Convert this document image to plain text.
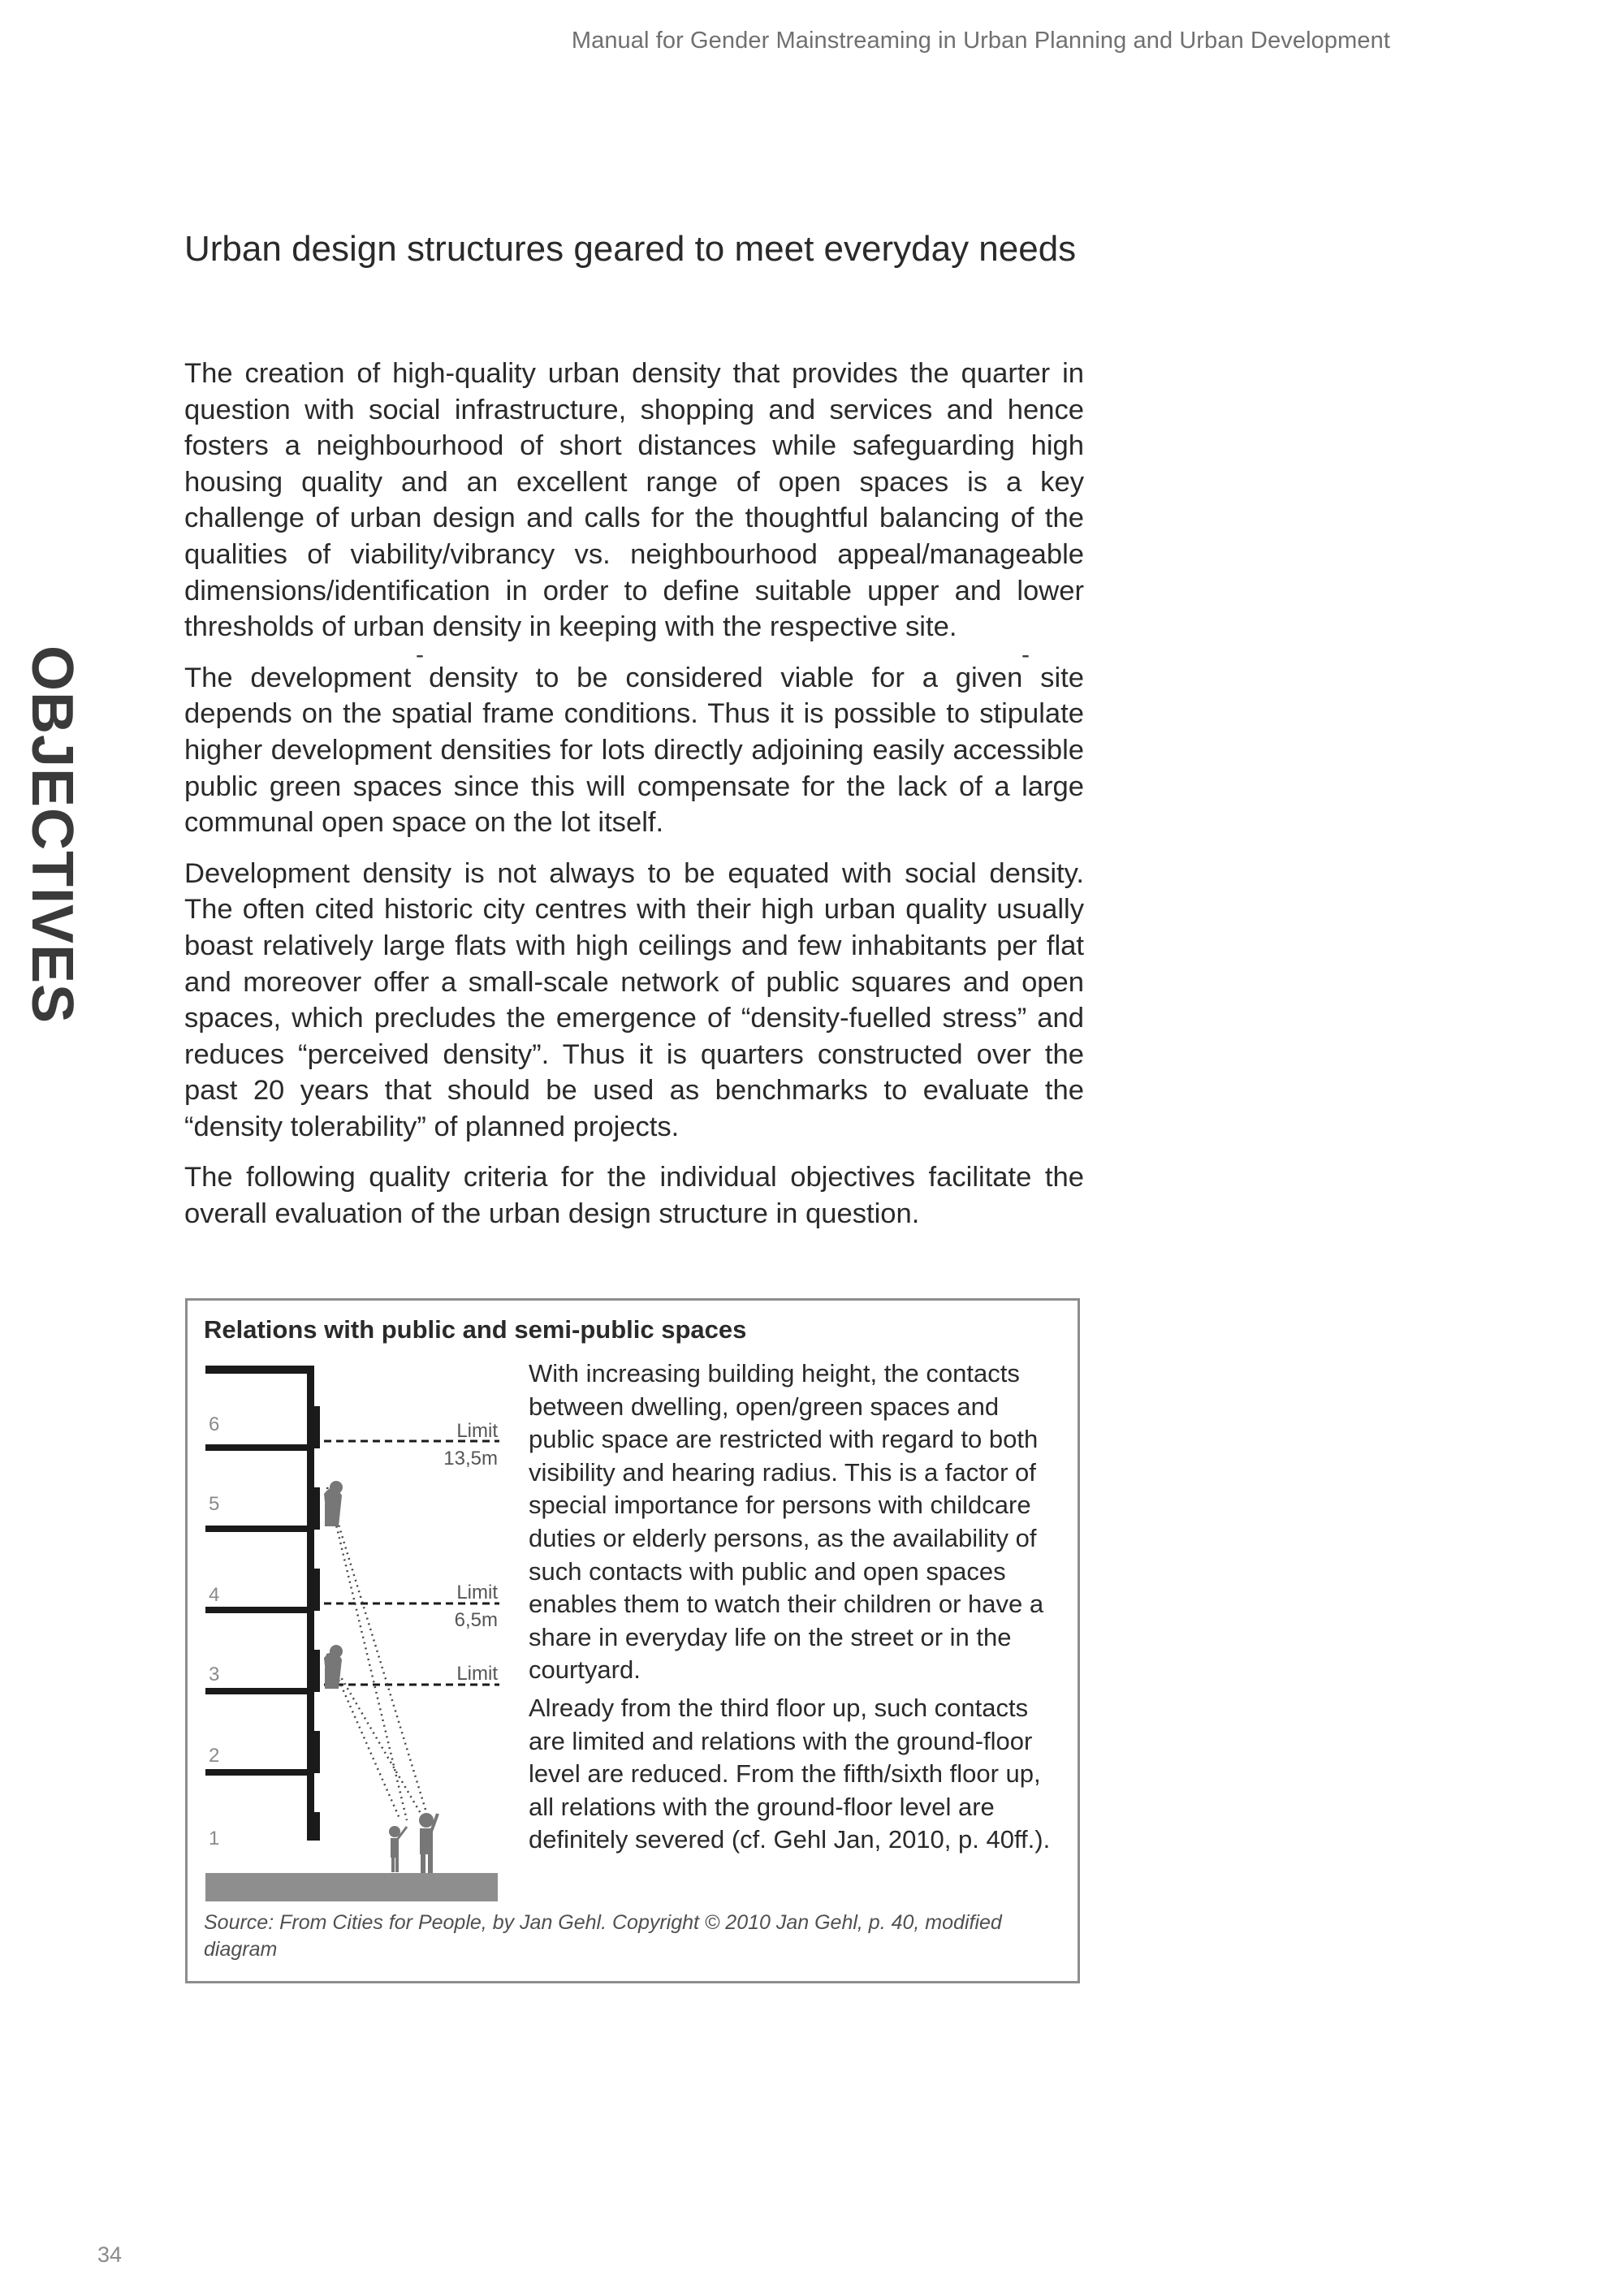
Manual for Gender Mainstreaming in Urban Planning and Urban Development
OBJECTIVES
Urban design structures geared to meet everyday needs

The creation of high-quality urban density that provides the quarter in question with social infrastructure, shopping and services and hence fosters a neighbourhood of short distances while safeguarding high housing quality and an excellent range of open spaces is a key challenge of urban design and calls for the thoughtful balancing of the qualities of viability/vibrancy vs. neighbourhood appeal/manageable dimensions/identification in order to define suitable upper and lower thresholds of urban density in keeping with the respective site.

The development density to be considered viable for a given site depends on the spatial frame conditions. Thus it is possible to stipulate higher development densities for lots directly adjoining easily accessible public green spaces since this will compensate for the lack of a large communal open space on the lot itself.

Development density is not always to be equated with social density. The often cited historic city centres with their high urban quality usually boast relatively large flats with high ceilings and few inhabitants per flat and moreover offer a small-scale network of public squares and open spaces, which precludes the emergence of “density-fuelled stress” and reduces “perceived density”. Thus it is quarters constructed over the past 20 years that should be used as benchmarks to evaluate the “density tolerability” of planned projects.

The following quality criteria for the individual objectives facilitate the overall evaluation of the urban design structure in question.

-	-
Relations with public and semi-public spaces
6
5
4
3
2
1
Limit
13,5m
Limit
6,5m
Limit

With increasing building height, the contacts between dwelling, open/green spaces and public space are restricted with regard to both visibility and hearing radius. This is a factor of special importance for persons with childcare duties or elderly persons, as the availability of such contacts with public and open spaces enables them to watch their children or have a share in everyday life on the street or in the courtyard.

Already from the third floor up, such contacts are limited and relations with the ground-floor level are reduced. From the fifth/sixth floor up, all relations with the ground-floor level are definitely severed (cf. Gehl Jan, 2010, p. 40ff.).

Source: From Cities for People, by Jan Gehl. Copyright © 2010 Jan Gehl, p. 40, modified diagram
34
